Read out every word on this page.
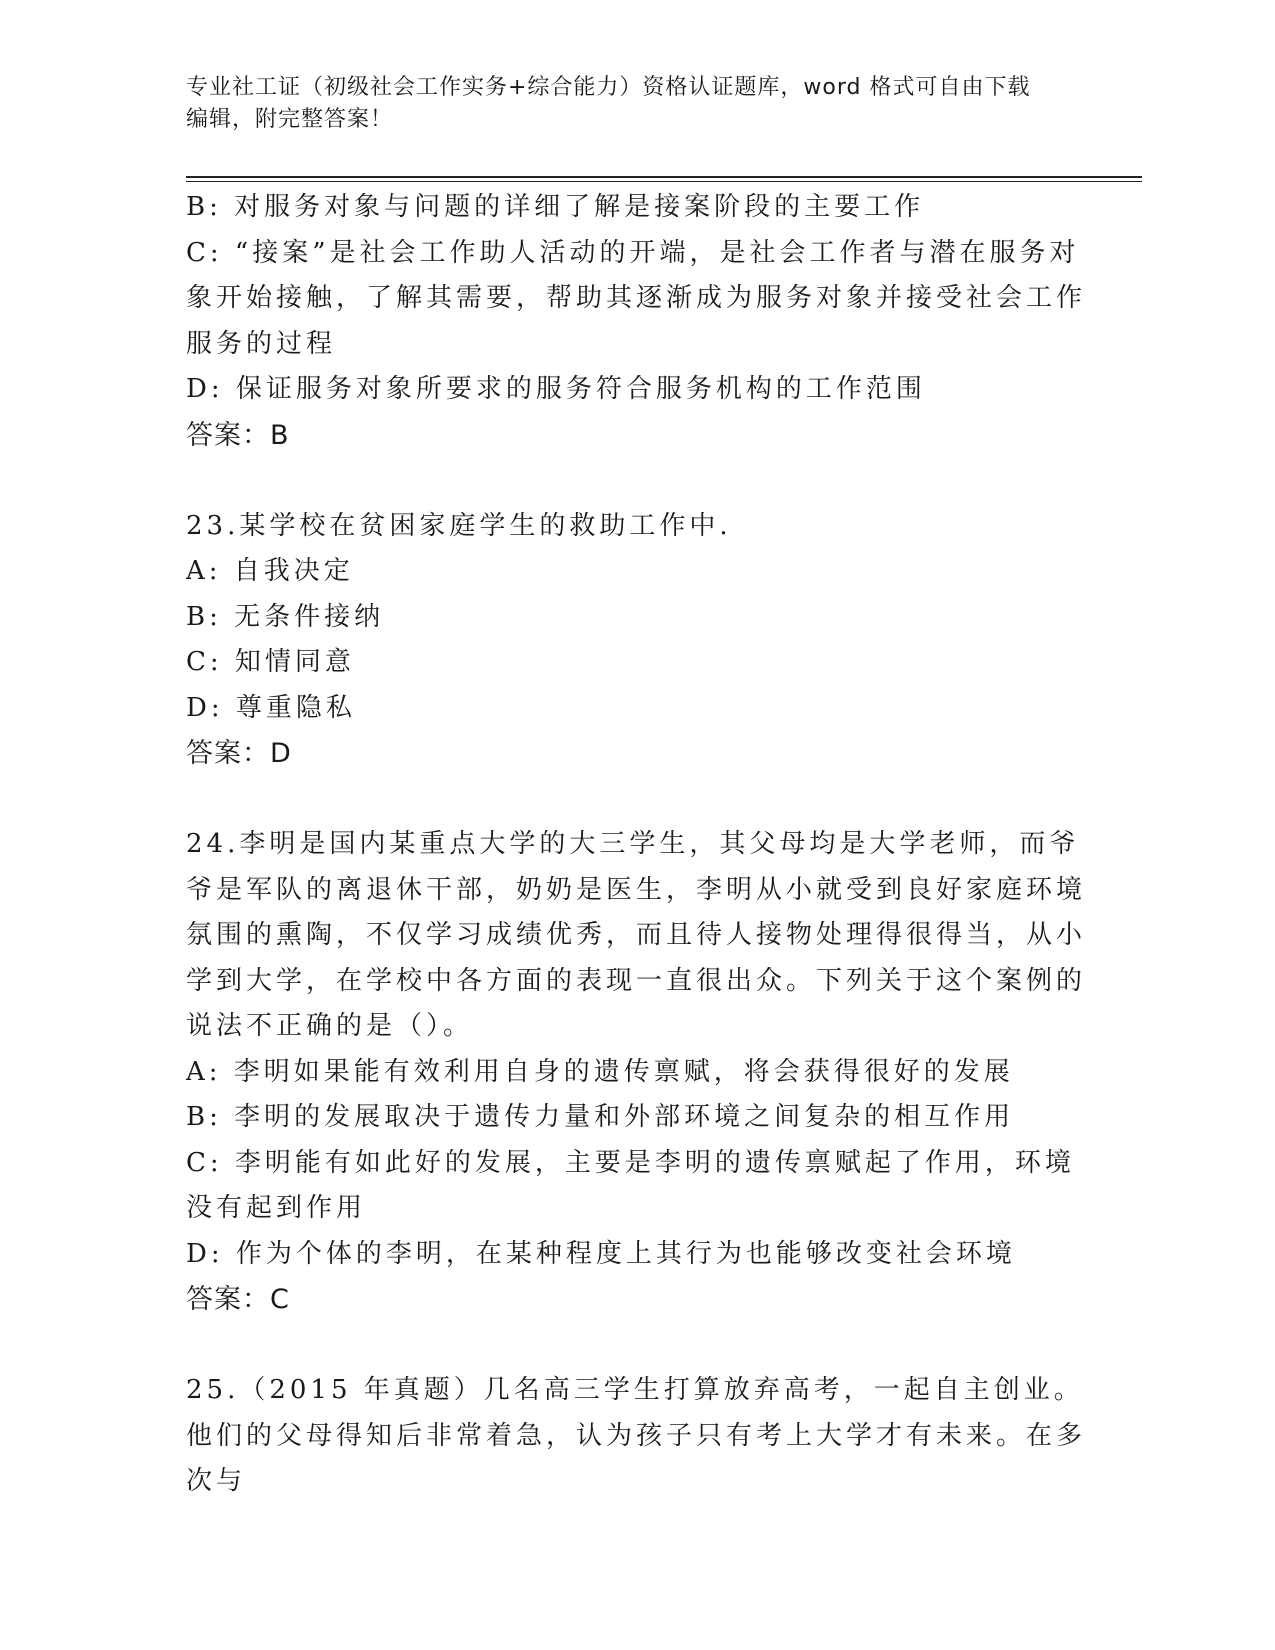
专业社工证（初级社会工作实务+综合能力）资格认证题库，word 格式可自由下载
编辑，附完整答案！
B: 对服务对象与问题的详细了解是接案阶段的主要工作
C: “接案”是社会工作助人活动的开端，是社会工作者与潜在服务对象开始接触，了解其需要，帮助其逐渐成为服务对象并接受社会工作服务的过程
D: 保证服务对象所要求的服务符合服务机构的工作范围
答案：B
23.某学校在贫困家庭学生的救助工作中.
A: 自我决定
B: 无条件接纳
C: 知情同意
D: 尊重隐私
答案：D
24.李明是国内某重点大学的大三学生，其父母均是大学老师，而爷爷是军队的离退休干部，奶奶是医生，李明从小就受到良好家庭环境氛围的熏陶，不仅学习成绩优秀，而且待人接物处理得很得当，从小学到大学，在学校中各方面的表现一直很出众。下列关于这个案例的说法不正确的是（）。
A: 李明如果能有效利用自身的遗传禀赋，将会获得很好的发展
B: 李明的发展取决于遗传力量和外部环境之间复杂的相互作用
C: 李明能有如此好的发展，主要是李明的遗传禀赋起了作用，环境没有起到作用
D: 作为个体的李明，在某种程度上其行为也能够改变社会环境
答案：C
25.（2015 年真题）几名高三学生打算放弃高考，一起自主创业。他们的父母得知后非常着急，认为孩子只有考上大学才有未来。在多次与
